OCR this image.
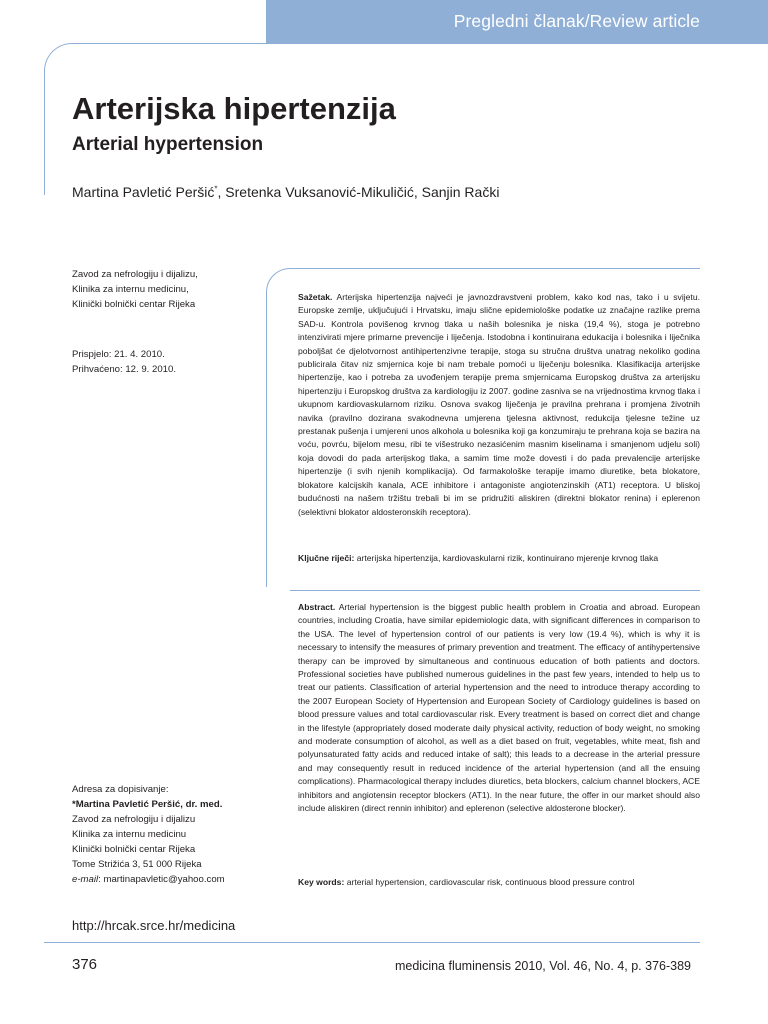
Pregledni članak/Review article
Arterijska hipertenzija
Arterial hypertension
Martina Pavletić Peršić*, Sretenka Vuksanović-Mikuličić, Sanjin Rački
Zavod za nefrologiju i dijalizu,
Klinika za internu medicinu,
Klinički bolnički centar Rijeka
Prispjelo: 21. 4. 2010.
Prihvaćeno: 12. 9. 2010.
Sažetak. Arterijska hipertenzija najveći je javnozdravstveni problem, kako kod nas, tako i u svijetu. Europske zemlje, uključujući i Hrvatsku, imaju slične epidemiološke podatke uz značajne razlike prema SAD-u. Kontrola povišenog krvnog tlaka u naših bolesnika je niska (19,4 %), stoga je potrebno intenzivirati mjere primarne prevencije i liječenja. Istodobna i kontinuirana edukacija i bolesnika i liječnika poboljšat će djelotvornost antihipertenzivne terapije, stoga su stručna društva unatrag nekoliko godina publicirala čitav niz smjernica koje bi nam trebale pomoći u liječenju bolesnika. Klasifikacija arterijske hipertenzije, kao i potreba za uvođenjem terapije prema smjernicama Europskog društva za arterijsku hipertenziju i Europskog društva za kardiologiju iz 2007. godine zasniva se na vrijednostima krvnog tlaka i ukupnom kardiovaskularnom riziku. Osnova svakog liječenja je pravilna prehrana i promjena životnih navika (pravilno dozirana svakodnevna umjerena tjelesna aktivnost, redukcija tjelesne težine uz prestanak pušenja i umjereni unos alkohola u bolesnika koji ga konzumiraju te prehrana koja se bazira na voću, povrću, bijelom mesu, ribi te višestruko nezasićenim masnim kiselinama i smanjenom udjelu soli) koja dovodi do pada arterijskog tlaka, a samim time može dovesti i do pada prevalencije arterijske hipertenzije (i svih njenih komplikacija). Od farmakološke terapije imamo diuretike, beta blokatore, blokatore kalcijskih kanala, ACE inhibitore i antagoniste angiotenzinskih (AT1) receptora. U bliskoj budućnosti na našem tržištu trebali bi im se pridružiti aliskiren (direktni blokator renina) i eplerenon (selektivni blokator aldosteronskih receptora).
Ključne riječi: arterijska hipertenzija, kardiovaskularni rizik, kontinuirano mjerenje krvnog tlaka
Abstract. Arterial hypertension is the biggest public health problem in Croatia and abroad. European countries, including Croatia, have similar epidemiologic data, with significant differences in comparison to the USA. The level of hypertension control of our patients is very low (19.4 %), which is why it is necessary to intensify the measures of primary prevention and treatment. The efficacy of antihypertensive therapy can be improved by simultaneous and continuous education of both patients and doctors. Professional societies have published numerous guidelines in the past few years, intended to help us to treat our patients. Classification of arterial hypertension and the need to introduce therapy according to the 2007 European Society of Hypertension and European Society of Cardiology guidelines is based on blood pressure values and total cardiovascular risk. Every treatment is based on correct diet and change in the lifestyle (appropriately dosed moderate daily physical activity, reduction of body weight, no smoking and moderate consumption of alcohol, as well as a diet based on fruit, vegetables, white meat, fish and polyunsaturated fatty acids and reduced intake of salt); this leads to a decrease in the arterial pressure and may consequently result in reduced incidence of the arterial hypertension (and all the ensuing complications). Pharmacological therapy includes diuretics, beta blockers, calcium channel blockers, ACE inhibitors and angiotensin receptor blockers (AT1). In the near future, the offer in our market should also include aliskiren (direct rennin inhibitor) and eplerenon (selective aldosterone blocker).
Key words: arterial hypertension, cardiovascular risk, continuous blood pressure control
Adresa za dopisivanje:
*Martina Pavletić Peršić, dr. med.
Zavod za nefrologiju i dijalizu
Klinika za internu medicinu
Klinički bolnički centar Rijeka
Tome Strižića 3, 51 000 Rijeka
e-mail: martinapavletic@yahoo.com
http://hrcak.srce.hr/medicina
376	medicina fluminensis 2010, Vol. 46, No. 4, p. 376-389
